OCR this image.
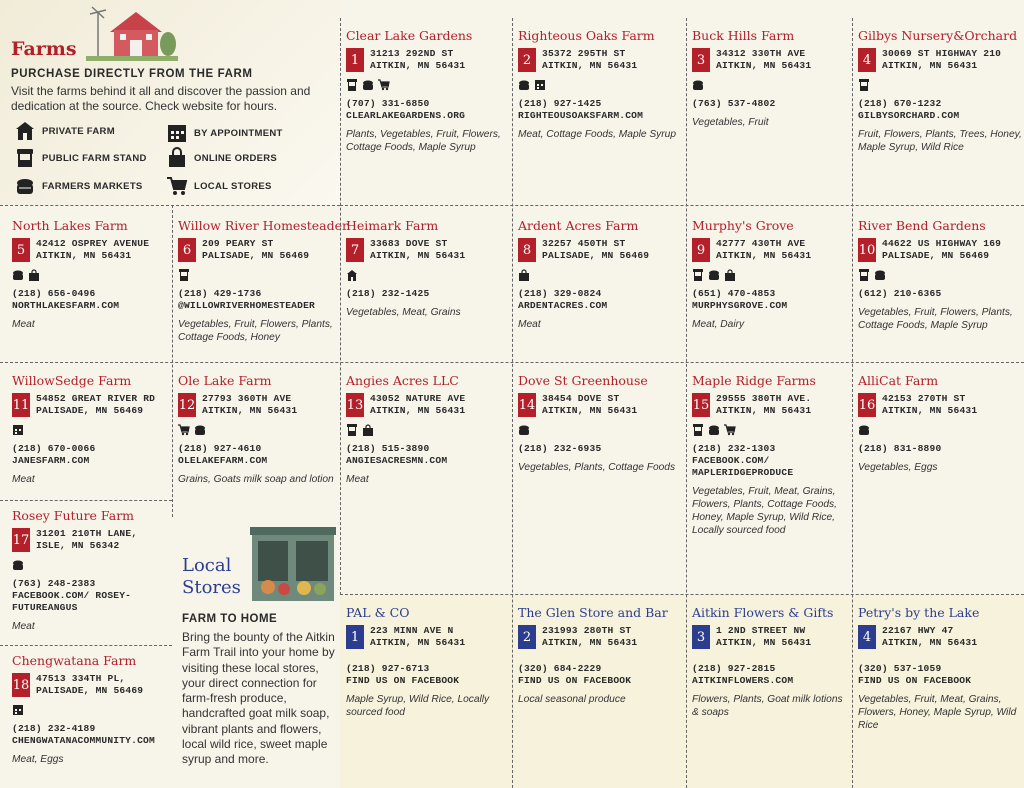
Farms
PURCHASE DIRECTLY FROM THE FARM
Visit the farms behind it all and discover the passion and dedication at the source. Check website for hours.
PRIVATE FARM	BY APPOINTMENT
PUBLIC FARM STAND	ONLINE ORDERS
FARMERS MARKETS	LOCAL STORES
Local
Stores
FARM TO HOME
Bring the bounty of the Aitkin Farm Trail into your home by visiting these local stores, your direct connection for farm-fresh produce, handcrafted goat milk soap, vibrant plants and flowers, local wild rice, sweet maple syrup and more.
Clear Lake Gardens
1	31213 292ND ST
AITKIN, MN 56431
(707) 331-6850
CLEARLAKEGARDENS.ORG
Plants, Vegetables, Fruit, Flowers, Cottage Foods, Maple Syrup
Righteous Oaks Farm
2	35372 295TH ST
AITKIN, MN 56431
(218) 927-1425
RIGHTEOUSOAKSFARM.COM
Meat, Cottage Foods, Maple Syrup
Buck Hills Farm
3	34312 330TH AVE
AITKIN, MN 56431
(763) 537-4802
Vegetables, Fruit
Gilbys Nursery&Orchard
4	30069 ST HIGHWAY 210
AITKIN, MN 56431
(218) 670-1232
GILBYSORCHARD.COM
Fruit, Flowers, Plants, Trees, Honey, Maple Syrup, Wild Rice
North Lakes Farm
5	42412 OSPREY AVENUE
AITKIN, MN 56431
(218) 656-0496
NORTHLAKESFARM.COM
Meat
Willow River Homesteader
6	209 PEARY ST
PALISADE, MN 56469
(218) 429-1736
@WILLOWRIVERHOMESTEADER
Vegetables, Fruit, Flowers, Plants, Cottage Foods, Honey
Heimark Farm
7	33683 DOVE ST
AITKIN, MN 56431
(218) 232-1425
Vegetables, Meat, Grains
Ardent Acres Farm
8	32257 450TH ST
PALISADE, MN 56469
(218) 329-0824
ARDENTACRES.COM
Meat
Murphy's Grove
9	42777 430TH AVE
AITKIN, MN 56431
(651) 470-4853
MURPHYSGROVE.COM
Meat, Dairy
River Bend Gardens
10 44622 US HIGHWAY 169
PALISADE, MN 56469
(612) 210-6365
Vegetables, Fruit, Flowers, Plants, Cottage Foods, Maple Syrup
WillowSedge Farm
11 54852 GREAT RIVER RD
PALISADE, MN 56469
(218) 670-0066
JANESFARM.COM
Meat
Ole Lake Farm
12 27793 360TH AVE
AITKIN, MN 56431
(218) 927-4610
OLELAKEFARM.COM
Grains, Goats milk soap and lotion
Angies Acres LLC
13 43052 NATURE AVE
AITKIN, MN 56431
(218) 515-3890
ANGIESACRESMN.COM
Meat
Dove St Greenhouse
14 38454 DOVE ST
AITKIN, MN 56431
(218) 232-6935
Vegetables, Plants, Cottage Foods
Maple Ridge Farms
15 29555 380TH AVE.
AITKIN, MN 56431
(218) 232-1303
FACEBOOK.COM/ MAPLERIDGEPRODUCE
Vegetables, Fruit, Meat, Grains, Flowers, Plants, Cottage Foods, Honey, Maple Syrup, Wild Rice, Locally sourced food
AlliCat Farm
16 42153 270TH ST
AITKIN, MN 56431
(218) 831-8890
Vegetables, Eggs
Rosey Future Farm
17 31201 210TH LANE,
ISLE, MN 56342
(763) 248-2383
FACEBOOK.COM/ ROSEY-FUTUREANGUS
Meat
Chengwatana Farm
18 47513 334TH PL,
PALISADE, MN 56469
(218) 232-4189
CHENGWATANACOMMUNITY.COM
Meat, Eggs
PAL & CO
1	223 MINN AVE N
AITKIN, MN 56431
(218) 927-6713
FIND US ON FACEBOOK
Maple Syrup, Wild Rice, Locally sourced food
The Glen Store and Bar
2	231993 280TH ST
AITKIN, MN 56431
(320) 684-2229
FIND US ON FACEBOOK
Local seasonal produce
Aitkin Flowers & Gifts
3	1 2ND STREET NW
AITKIN, MN 56431
(218) 927-2815
AITKINFLOWERS.COM
Flowers, Plants, Goat milk lotions & soaps
Petry's by the Lake
4	22167 HWY 47
AITKIN, MN 56431
(320) 537-1059
FIND US ON FACEBOOK
Vegetables, Fruit, Meat, Grains, Flowers, Honey, Maple Syrup, Wild Rice
